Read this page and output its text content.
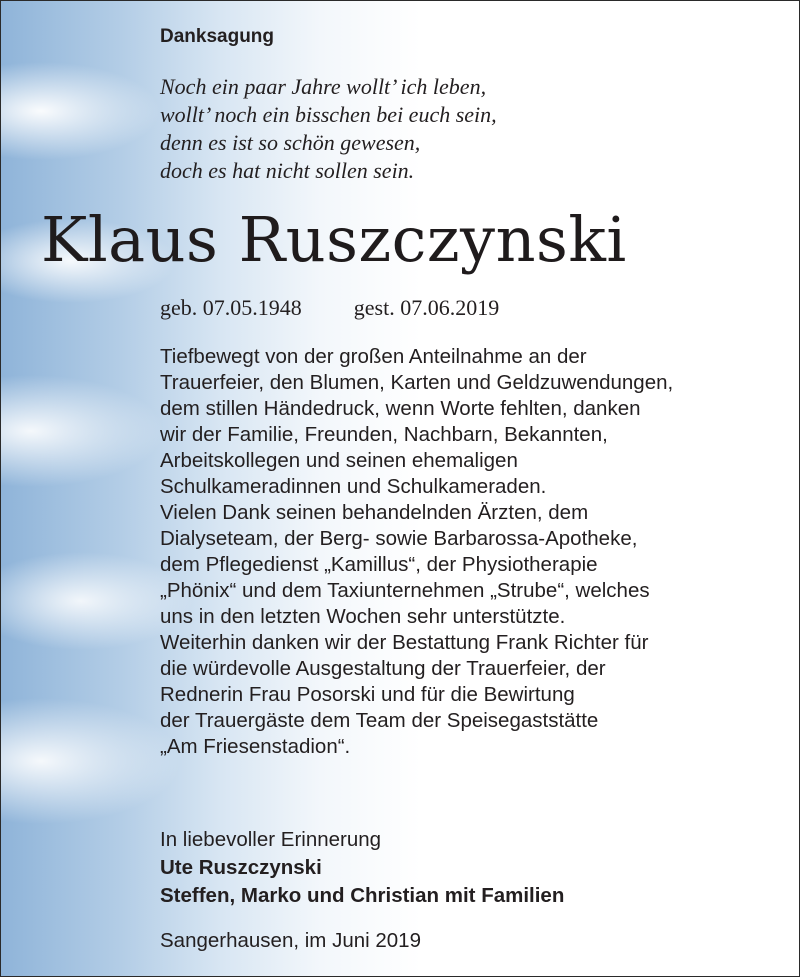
Danksagung
Noch ein paar Jahre wollt’ ich leben,
wollt’ noch ein bisschen bei euch sein,
denn es ist so schön gewesen,
doch es hat nicht sollen sein.
Klaus Ruszczynski
geb. 07.05.1948 gest. 07.06.2019
Tiefbewegt von der großen Anteilnahme an der
Trauerfeier, den Blumen, Karten und Geldzuwendungen,
dem stillen Händedruck, wenn Worte fehlten, danken
wir der Familie, Freunden, Nachbarn, Bekannten,
Arbeitskollegen und seinen ehemaligen
Schulkameradinnen und Schulkameraden.
Vielen Dank seinen behandelnden Ärzten, dem
Dialyseteam, der Berg- sowie Barbarossa-Apotheke,
dem Pflegedienst „Kamillus“, der Physiotherapie
„Phönix“ und dem Taxiunternehmen „Strube“, welches
uns in den letzten Wochen sehr unterstützte.
Weiterhin danken wir der Bestattung Frank Richter für
die würdevolle Ausgestaltung der Trauerfeier, der
Rednerin Frau Posorski und für die Bewirtung
der Trauergäste dem Team der Speisegaststätte
„Am Friesenstadion“.
In liebevoller Erinnerung
Ute Ruszczynski
Steffen, Marko und Christian mit Familien
Sangerhausen, im Juni 2019
